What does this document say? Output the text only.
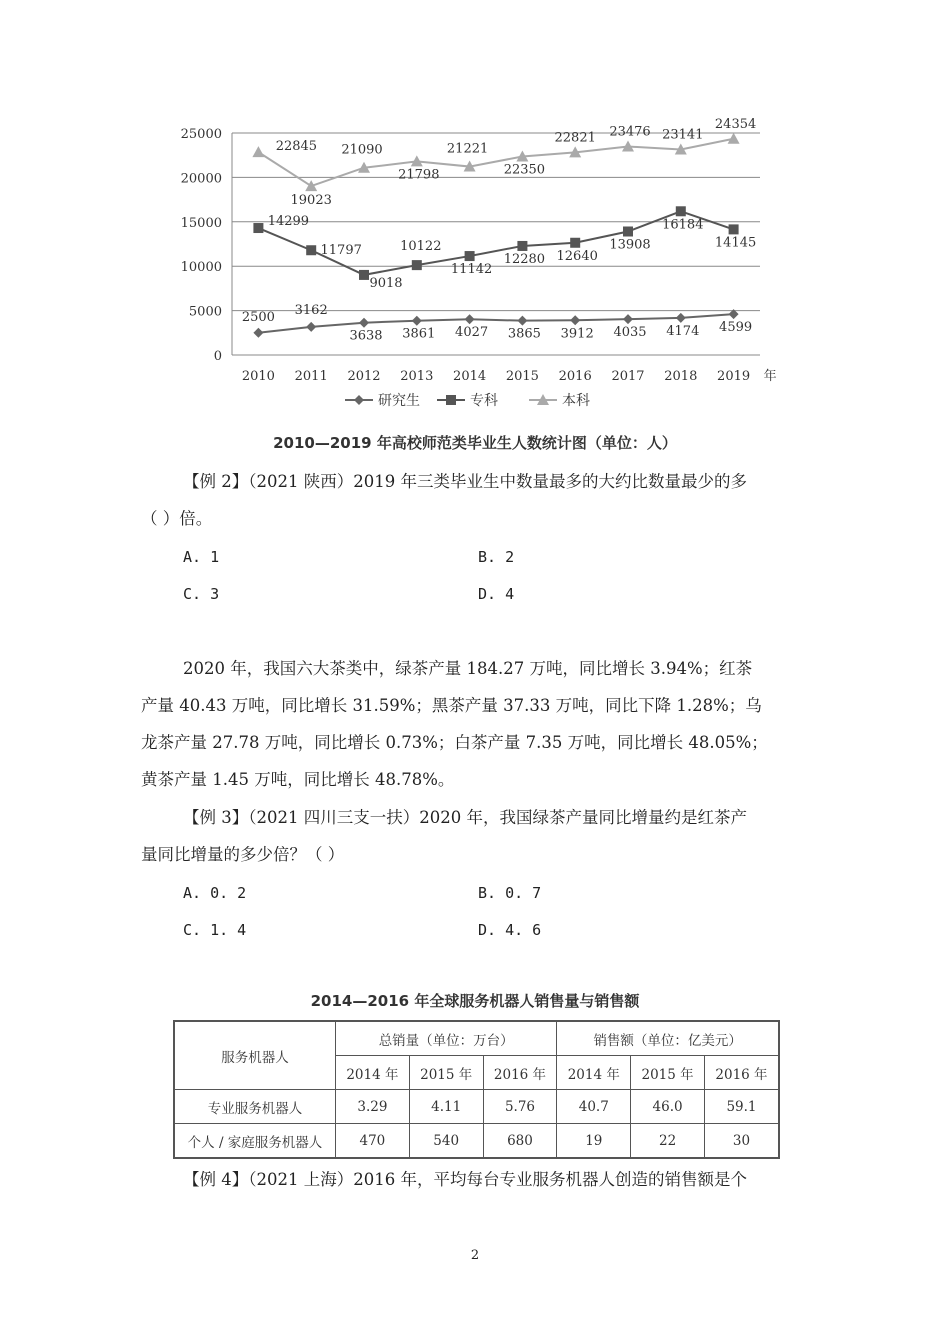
0
5000
10000
15000
20000
25000
2010 2011 2012 2013 2014 2015 2016 2017 2018 2019 年
2500 3162
3638 3861 4027 3865 3912 4035 4174 4599
14299
11797
9018
10122
11142
12280 12640
13908
16184
14145
22845
19023
21090
21798
21221
22350
22821 23476 23141
24354
研究生	专科	本科
2010—2019 年高校师范类毕业生人数统计图（单位：人）
【例 2】（2021 陕西）2019 年三类毕业生中数量最多的大约比数量最少的多
（ ）倍。
A. 1	B. 2
C. 3	D. 4
2020 年，我国六大茶类中，绿茶产量 184.27 万吨，同比增长 3.94%；红茶
产量 40.43 万吨，同比增长 31.59%；黑茶产量 37.33 万吨，同比下降 1.28%；乌
龙茶产量 27.78 万吨，同比增长 0.73%；白茶产量 7.35 万吨，同比增长 48.05%；
黄茶产量 1.45 万吨，同比增长 48.78%。
【例 3】（2021 四川三支一扶）2020 年，我国绿茶产量同比增量约是红茶产
量同比增量的多少倍？（ ）
A. 0. 2	B. 0. 7
C. 1. 4	D. 4. 6
2014—2016 年全球服务机器人销售量与销售额
服务机器人	总销量（单位：万台）			销售额（单位：亿美元）		
	2014 年	2015 年	2016 年	2014 年	2015 年	2016 年
专业服务机器人	3.29	4.11	5.76	40.7	46.0	59.1
个人 / 家庭服务机器人	470	540	680	19	22	30
【例 4】（2021 上海）2016 年，平均每台专业服务机器人创造的销售额是个
2
